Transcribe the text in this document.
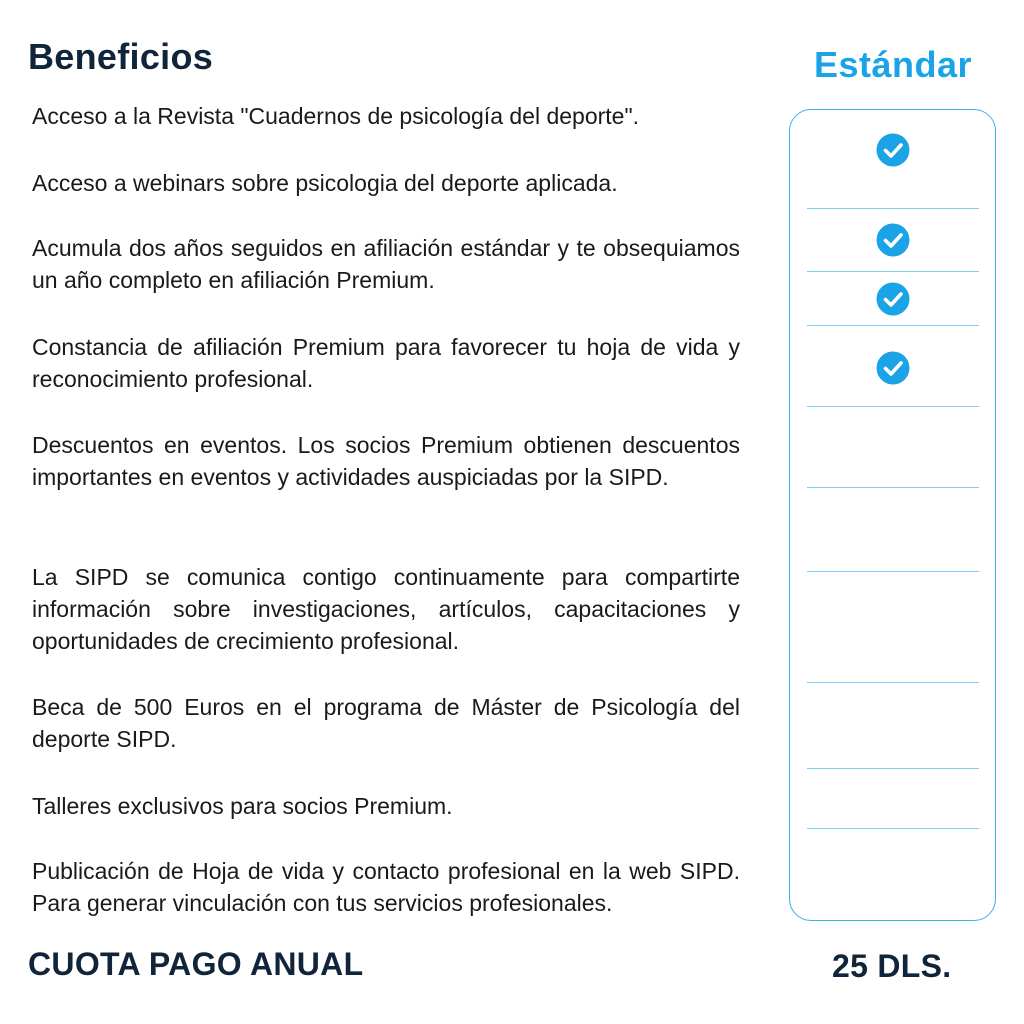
Beneficios	Estándar

Acceso a la Revista "Cuadernos de psicología del deporte".

Acceso a webinars sobre psicologia del deporte aplicada.

Acumula dos años seguidos en afiliación estándar y te obsequiamos un año completo en afiliación Premium.

Constancia de afiliación Premium para favorecer tu hoja de vida y reconocimiento profesional.

Descuentos en eventos. Los socios Premium obtienen descuentos importantes en eventos y actividades auspiciadas por la SIPD.

La SIPD se comunica contigo continuamente para compartirte información sobre investigaciones, artículos, capacitaciones y oportunidades de crecimiento profesional.

Beca de 500 Euros en el programa de Máster de Psicología del deporte SIPD.

Talleres exclusivos para socios Premium.

Publicación de Hoja de vida y contacto profesional en la web SIPD. Para generar vinculación con tus servicios profesionales.

CUOTA PAGO ANUAL	25 DLS.
